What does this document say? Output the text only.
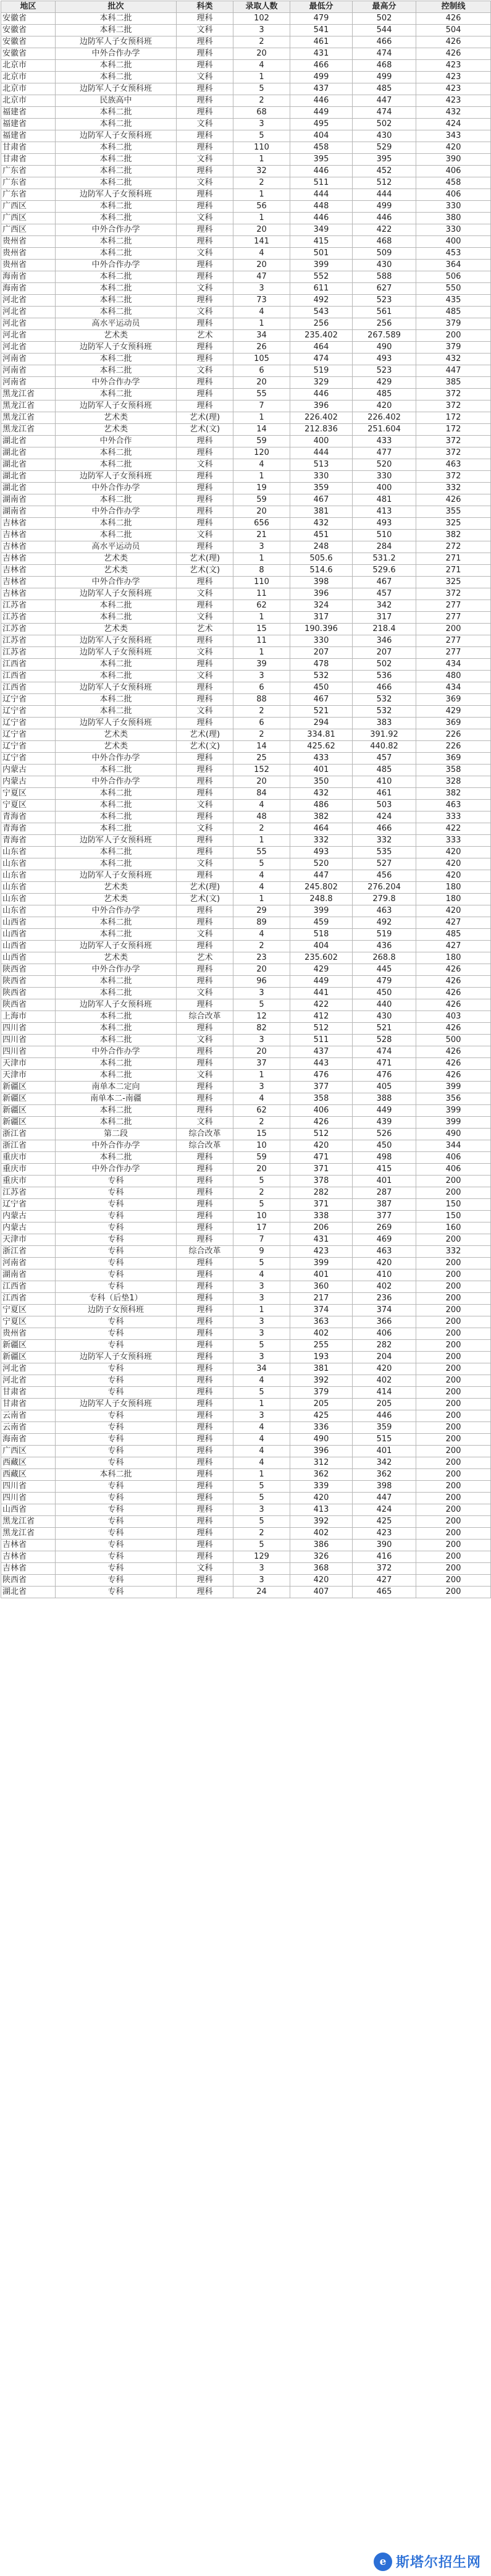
地区	批次	科类	录取人数	最低分	最高分	控制线
安徽省	本科二批	理科	102	479	502	426
安徽省	本科二批	文科	3	541	544	504
安徽省	边防军人子女预科班	理科	2	461	466	426
安徽省	中外合作办学	理科	20	431	474	426
北京市	本科二批	理科	4	466	468	423
北京市	本科二批	文科	1	499	499	423
北京市	边防军人子女预科班	理科	5	437	485	423
北京市	民族高中	理科	2	446	447	423
福建省	本科二批	理科	68	449	474	432
福建省	本科二批	文科	3	495	502	424
福建省	边防军人子女预科班	理科	5	404	430	343
甘肃省	本科二批	理科	110	458	529	420
甘肃省	本科二批	文科	1	395	395	390
广东省	本科二批	理科	32	446	452	406
广东省	本科二批	文科	2	511	512	458
广东省	边防军人子女预科班	理科	1	444	444	406
广西区	本科二批	理科	56	448	499	330
广西区	本科二批	文科	1	446	446	380
广西区	中外合作办学	理科	20	349	422	330
贵州省	本科二批	理科	141	415	468	400
贵州省	本科二批	文科	4	501	509	453
贵州省	中外合作办学	理科	20	399	430	364
海南省	本科二批	理科	47	552	588	506
海南省	本科二批	文科	3	611	627	550
河北省	本科二批	理科	73	492	523	435
河北省	本科二批	文科	4	543	561	485
河北省	高水平运动员	理科	1	256	256	379
河北省	艺术类	艺术	34	235.402	267.589	200
河北省	边防军人子女预科班	理科	26	464	490	379
河南省	本科二批	理科	105	474	493	432
河南省	本科二批	文科	6	519	523	447
河南省	中外合作办学	理科	20	329	429	385
黑龙江省	本科二批	理科	55	446	485	372
黑龙江省	边防军人子女预科班	理科	7	396	420	372
黑龙江省	艺术类	艺术(理)	1	226.402	226.402	172
黑龙江省	艺术类	艺术(文)	14	212.836	251.604	172
湖北省	中外合作	理科	59	400	433	372
湖北省	本科二批	理科	120	444	477	372
湖北省	本科二批	文科	4	513	520	463
湖北省	边防军人子女预科班	理科	1	330	330	372
湖北省	中外合作办学	理科	19	359	400	332
湖南省	本科二批	理科	59	467	481	426
湖南省	中外合作办学	理科	20	381	413	355
吉林省	本科二批	理科	656	432	493	325
吉林省	本科二批	文科	21	451	510	382
吉林省	高水平运动员	理科	3	248	284	272
吉林省	艺术类	艺术(理)	1	505.6	531.2	271
吉林省	艺术类	艺术(文)	8	514.6	529.6	271
吉林省	中外合作办学	理科	110	398	467	325
吉林省	边防军人子女预科班	文科	11	396	457	372
江苏省	本科二批	理科	62	324	342	277
江苏省	本科二批	文科	1	317	317	277
江苏省	艺术类	艺术	15	190.396	218.4	200
江苏省	边防军人子女预科班	理科	11	330	346	277
江苏省	边防军人子女预科班	文科	1	207	207	277
江西省	本科二批	理科	39	478	502	434
江西省	本科二批	文科	3	532	536	480
江西省	边防军人子女预科班	理科	6	450	466	434
辽宁省	本科二批	理科	88	467	532	369
辽宁省	本科二批	文科	2	521	532	429
辽宁省	边防军人子女预科班	理科	6	294	383	369
辽宁省	艺术类	艺术(理)	2	334.81	391.92	226
辽宁省	艺术类	艺术(文)	14	425.62	440.82	226
辽宁省	中外合作办学	理科	25	433	457	369
内蒙古	本科二批	理科	152	401	485	358
内蒙古	中外合作办学	理科	20	350	410	328
宁夏区	本科二批	理科	84	432	461	382
宁夏区	本科二批	文科	4	486	503	463
青海省	本科二批	理科	48	382	424	333
青海省	本科二批	文科	2	464	466	422
青海省	边防军人子女预科班	理科	1	332	332	333
山东省	本科二批	理科	55	493	535	420
山东省	本科二批	文科	5	520	527	420
山东省	边防军人子女预科班	理科	4	447	456	420
山东省	艺术类	艺术(理)	4	245.802	276.204	180
山东省	艺术类	艺术(文)	1	248.8	279.8	180
山东省	中外合作办学	理科	29	399	463	420
山西省	本科二批	理科	89	459	492	427
山西省	本科二批	文科	4	518	519	485
山西省	边防军人子女预科班	理科	2	404	436	427
山西省	艺术类	艺术	23	235.602	268.8	180
陕西省	中外合作办学	理科	20	429	445	426
陕西省	本科二批	理科	96	449	479	426
陕西省	本科二批	文科	3	441	450	426
陕西省	边防军人子女预科班	理科	5	422	440	426
上海市	本科二批	综合改革	12	412	430	403
四川省	本科二批	理科	82	512	521	426
四川省	本科二批	文科	3	511	528	500
四川省	中外合作办学	理科	20	437	474	426
天津市	本科二批	理科	37	443	471	426
天津市	本科二批	文科	1	476	476	426
新疆区	南单本二定向	理科	3	377	405	399
新疆区	南单本二-南疆	理科	4	358	388	356
新疆区	本科二批	理科	62	406	449	399
新疆区	本科二批	文科	2	426	439	399
浙江省	第二段	综合改革	15	512	526	490
浙江省	中外合作办学	综合改革	10	420	450	344
重庆市	本科二批	理科	59	471	498	406
重庆市	中外合作办学	理科	20	371	415	406
重庆市	专科	理科	5	378	401	200
江苏省	专科	理科	2	282	287	200
辽宁省	专科	理科	5	371	387	150
内蒙古	专科	理科	10	338	377	150
内蒙古	专科	理科	17	206	269	160
天津市	专科	理科	7	431	469	200
浙江省	专科	综合改革	9	423	463	332
河南省	专科	理科	5	399	420	200
湖南省	专科	理科	4	401	410	200
江西省	专科	理科	3	360	402	200
江西省	专科（后垫1）	理科	3	217	236	200
宁夏区	边防子女预科班	理科	1	374	374	200
宁夏区	专科	理科	3	363	366	200
贵州省	专科	理科	3	402	406	200
新疆区	专科	理科	5	255	282	200
新疆区	边防军人子女预科班	理科	3	193	204	200
河北省	专科	理科	34	381	420	200
河北省	专科	理科	4	392	402	200
甘肃省	专科	理科	5	379	414	200
甘肃省	边防军人子女预科班	理科	1	205	205	200
云南省	专科	理科	3	425	446	200
云南省	专科	理科	4	336	359	200
海南省	专科	理科	4	490	515	200
广西区	专科	理科	4	396	401	200
西藏区	专科	理科	4	312	342	200
西藏区	本科二批	理科	1	362	362	200
四川省	专科	理科	5	339	398	200
四川省	专科	理科	5	420	447	200
山西省	专科	理科	3	413	424	200
黑龙江省	专科	理科	5	392	425	200
黑龙江省	专科	理科	2	402	423	200
吉林省	专科	理科	5	386	390	200
吉林省	专科	理科	129	326	416	200
吉林省	专科	文科	3	368	372	200
陕西省	专科	理科	3	420	427	200
湖北省	专科	理科	24	407	465	200
e 斯塔尔招生网
